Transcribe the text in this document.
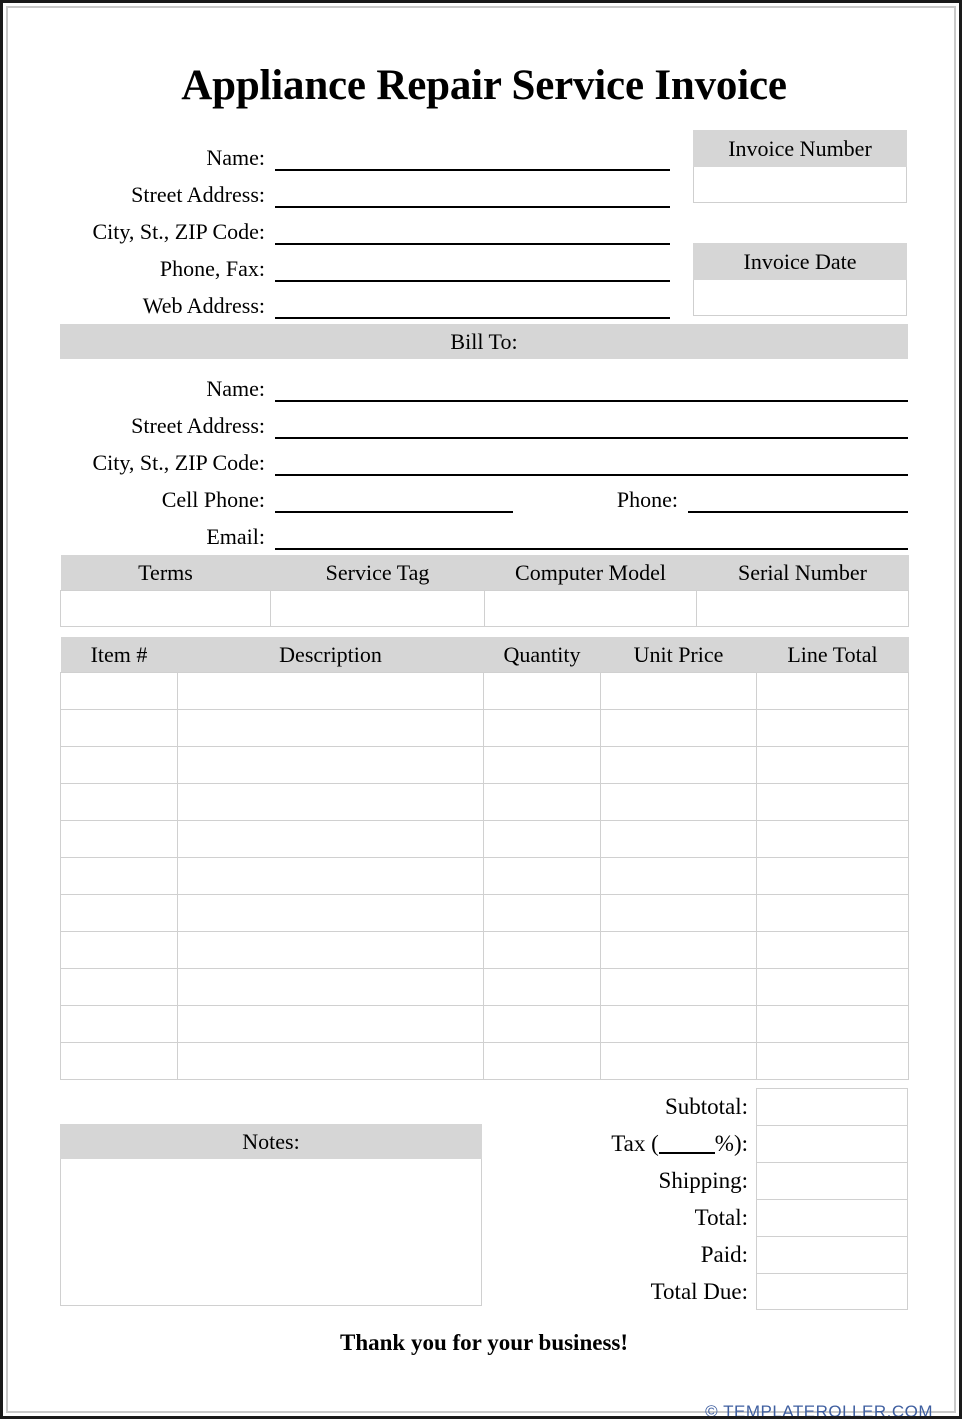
Appliance Repair Service Invoice
Name:
Street Address:
City, St., ZIP Code:
Phone, Fax:
Web Address:
Invoice Number
Invoice Date
Bill To:
Name:
Street Address:
City, St., ZIP Code:
Cell Phone:	Phone:
Email:
Terms	Service Tag	Computer Model	Serial Number

Item #	Description	Quantity	Unit Price	Line Total

Notes:
Subtotal:
Tax ( %):
Shipping:
Total:
Paid:
Total Due:
Thank you for your business!
© TEMPLATEROLLER.COM
